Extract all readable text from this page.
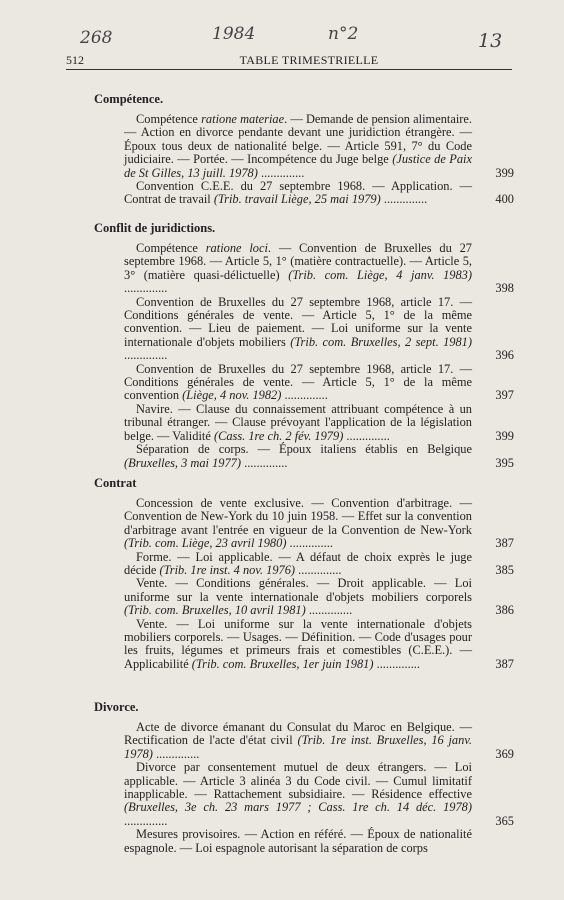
268	1984	n°2	13
512	TABLE TRIMESTRIELLE
Compétence.
Compétence ratione materiae. — Demande de pension alimentaire. — Action en divorce pendante devant une juridiction étrangère. — Époux tous deux de nationalité belge. — Article 591, 7° du Code judiciaire. — Portée. — Incompétence du Juge belge (Justice de Paix de St Gilles, 13 juill. 1978) ..............	399
Convention C.E.E. du 27 septembre 1968. — Application. — Contrat de travail (Trib. travail Liège, 25 mai 1979) ..............	400
Conflit de juridictions.
Compétence ratione loci. — Convention de Bruxelles du 27 septembre 1968. — Article 5, 1° (matière contractuelle). — Article 5, 3° (matière quasi-délictuelle) (Trib. com. Liège, 4 janv. 1983) ..............	398
Convention de Bruxelles du 27 septembre 1968, article 17. — Conditions générales de vente. — Article 5, 1° de la même convention. — Lieu de paiement. — Loi uniforme sur la vente internationale d'objets mobiliers (Trib. com. Bruxelles, 2 sept. 1981) ..............	396
Convention de Bruxelles du 27 septembre 1968, article 17. — Conditions générales de vente. — Article 5, 1° de la même convention (Liège, 4 nov. 1982) ..............	397
Navire. — Clause du connaissement attribuant compétence à un tribunal étranger. — Clause prévoyant l'application de la législation belge. — Validité (Cass. 1re ch. 2 fév. 1979) ..............	399
Séparation de corps. — Époux italiens établis en Belgique (Bruxelles, 3 mai 1977) ..............	395
Contrat
Concession de vente exclusive. — Convention d'arbitrage. — Convention de New-York du 10 juin 1958. — Effet sur la convention d'arbitrage avant l'entrée en vigueur de la Convention de New-York (Trib. com. Liège, 23 avril 1980) ..............	387
Forme. — Loi applicable. — A défaut de choix exprès le juge décide (Trib. 1re inst. 4 nov. 1976) ..............	385
Vente. — Conditions générales. — Droit applicable. — Loi uniforme sur la vente internationale d'objets mobiliers corporels (Trib. com. Bruxelles, 10 avril 1981) ..............	386
Vente. — Loi uniforme sur la vente internationale d'objets mobiliers corporels. — Usages. — Définition. — Code d'usages pour les fruits, légumes et primeurs frais et comestibles (C.E.E.). — Applicabilité (Trib. com. Bruxelles, 1er juin 1981) ..............	387
Divorce.
Acte de divorce émanant du Consulat du Maroc en Belgique. — Rectification de l'acte d'état civil (Trib. 1re inst. Bruxelles, 16 janv. 1978) ..............	369
Divorce par consentement mutuel de deux étrangers. — Loi applicable. — Article 3 alinéa 3 du Code civil. — Cumul limitatif inapplicable. — Rattachement subsidiaire. — Résidence effective (Bruxelles, 3e ch. 23 mars 1977 ; Cass. 1re ch. 14 déc. 1978) ..............	365
Mesures provisoires. — Action en référé. — Époux de nationalité espagnole. — Loi espagnole autorisant la séparation de corps
